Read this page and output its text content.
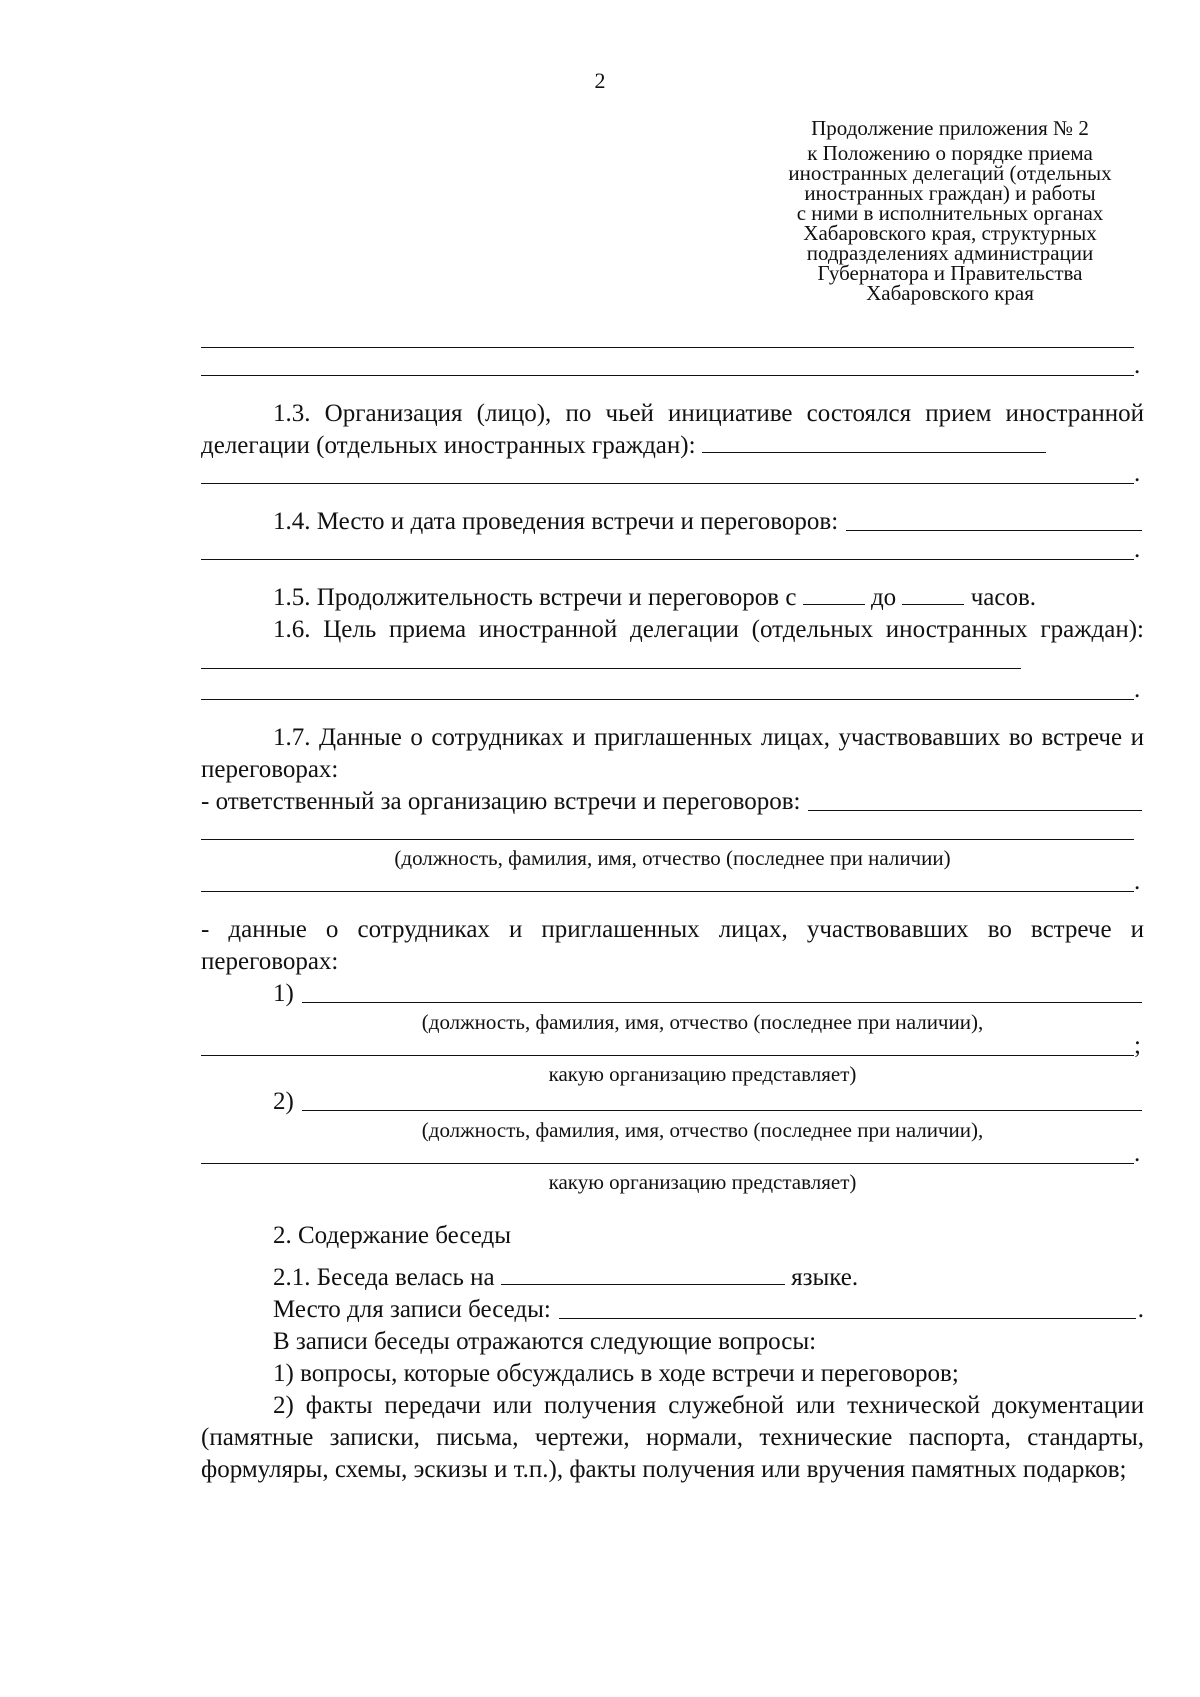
2
Продолжение приложения № 2
к Положению о порядке приема
иностранных делегаций (отдельных
иностранных граждан) и работы
с ними в исполнительных органах
Хабаровского края, структурных
подразделениях администрации
Губернатора и Правительства
Хабаровского края
.
1.3. Организация (лицо), по чьей инициативе состоялся прием иностранной делегации (отдельных иностранных граждан):
.
1.4. Место и дата проведения встречи и переговоров:
.
1.5. Продолжительность встречи и переговоров с	до	часов.
1.6. Цель приема иностранной делегации (отдельных иностранных граждан):
.
1.7. Данные о сотрудниках и приглашенных лицах, участвовавших во встрече и переговорах:
- ответственный за организацию встречи и переговоров:
(должность, фамилия, имя, отчество (последнее при наличии)
.
- данные о сотрудниках и приглашенных лицах, участвовавших во встрече и переговорах:
1)
(должность, фамилия, имя, отчество (последнее при наличии),
;
какую организацию представляет)
2)
(должность, фамилия, имя, отчество (последнее при наличии),
.
какую организацию представляет)
2. Содержание беседы
2.1. Беседа велась на	языке.
Место для записи беседы:	.
В записи беседы отражаются следующие вопросы:
1) вопросы, которые обсуждались в ходе встречи и переговоров;
2) факты передачи или получения служебной или технической документации (памятные записки, письма, чертежи, нормали, технические паспорта, стандарты, формуляры, схемы, эскизы и т.п.), факты получения или вручения памятных подарков;
